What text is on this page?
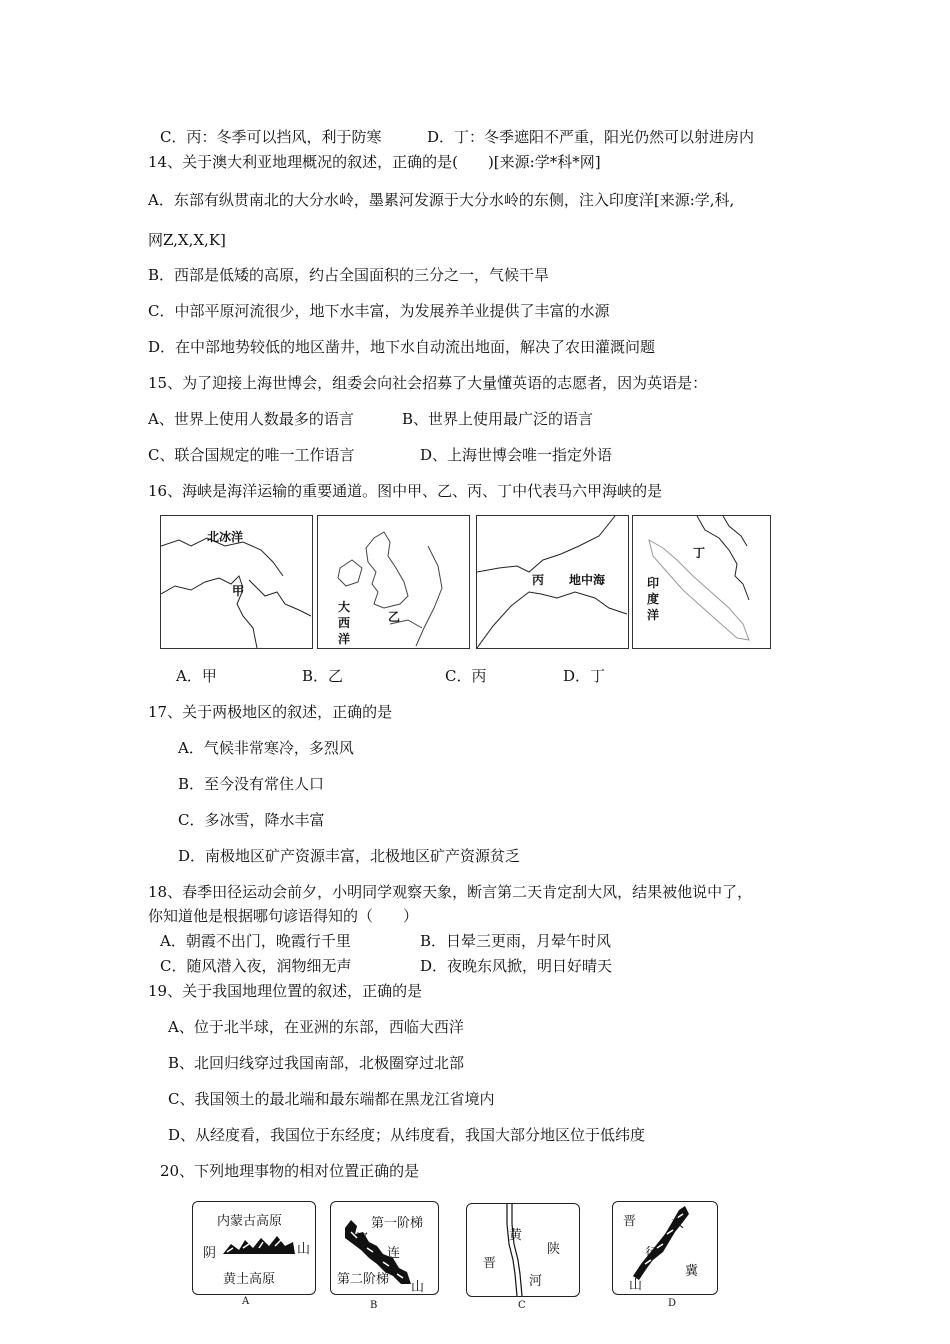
C．丙：冬季可以挡风，利于防寒	D．丁：冬季遮阳不严重，阳光仍然可以射进房内
14、关于澳大利亚地理概况的叙述，正确的是(　　)[来源:学*科*网]
A．东部有纵贯南北的大分水岭，墨累河发源于大分水岭的东侧，注入印度洋[来源:学,科,
网Z,X,X,K]
B．西部是低矮的高原，约占全国面积的三分之一，气候干旱
C．中部平原河流很少，地下水丰富，为发展养羊业提供了丰富的水源
D．在中部地势较低的地区凿井，地下水自动流出地面，解决了农田灌溉问题
15、为了迎接上海世博会，组委会向社会招募了大量懂英语的志愿者，因为英语是：
A、世界上使用人数最多的语言	B、世界上使用最广泛的语言
C、联合国规定的唯一工作语言	D、上海世博会唯一指定外语
16、海峡是海洋运输的重要通道。图中甲、乙、丙、丁中代表马六甲海峡的是
北冰洋
甲
大
西
洋
乙
丙 地中海
丁
印
度
洋
A．甲	B．乙	C．丙	D．丁
17、关于两极地区的叙述，正确的是
A．气候非常寒冷，多烈风
B．至今没有常住人口
C．多冰雪，降水丰富
D．南极地区矿产资源丰富，北极地区矿产资源贫乏
18、春季田径运动会前夕，小明同学观察天象，断言第二天肯定刮大风，结果被他说中了，
你知道他是根据哪句谚语得知的（　　）
A．朝霞不出门，晚霞行千里	B．日晕三更雨，月晕午时风
C．随风潜入夜，润物细无声	D．夜晚东风掀，明日好晴天
19、关于我国地理位置的叙述，正确的是
A、位于北半球，在亚洲的东部，西临大西洋
B、北回归线穿过我国南部，北极圈穿过北部
C、我国领土的最北端和最东端都在黑龙江省境内
D、从经度看，我国位于东经度；从纬度看，我国大部分地区位于低纬度
20、下列地理事物的相对位置正确的是
内蒙古高原
阴	山
黄土高原
A
第一阶梯
祁
连
第二阶梯
山
B
黄
陕
晋
河
C
晋	太
行
冀
山
D
